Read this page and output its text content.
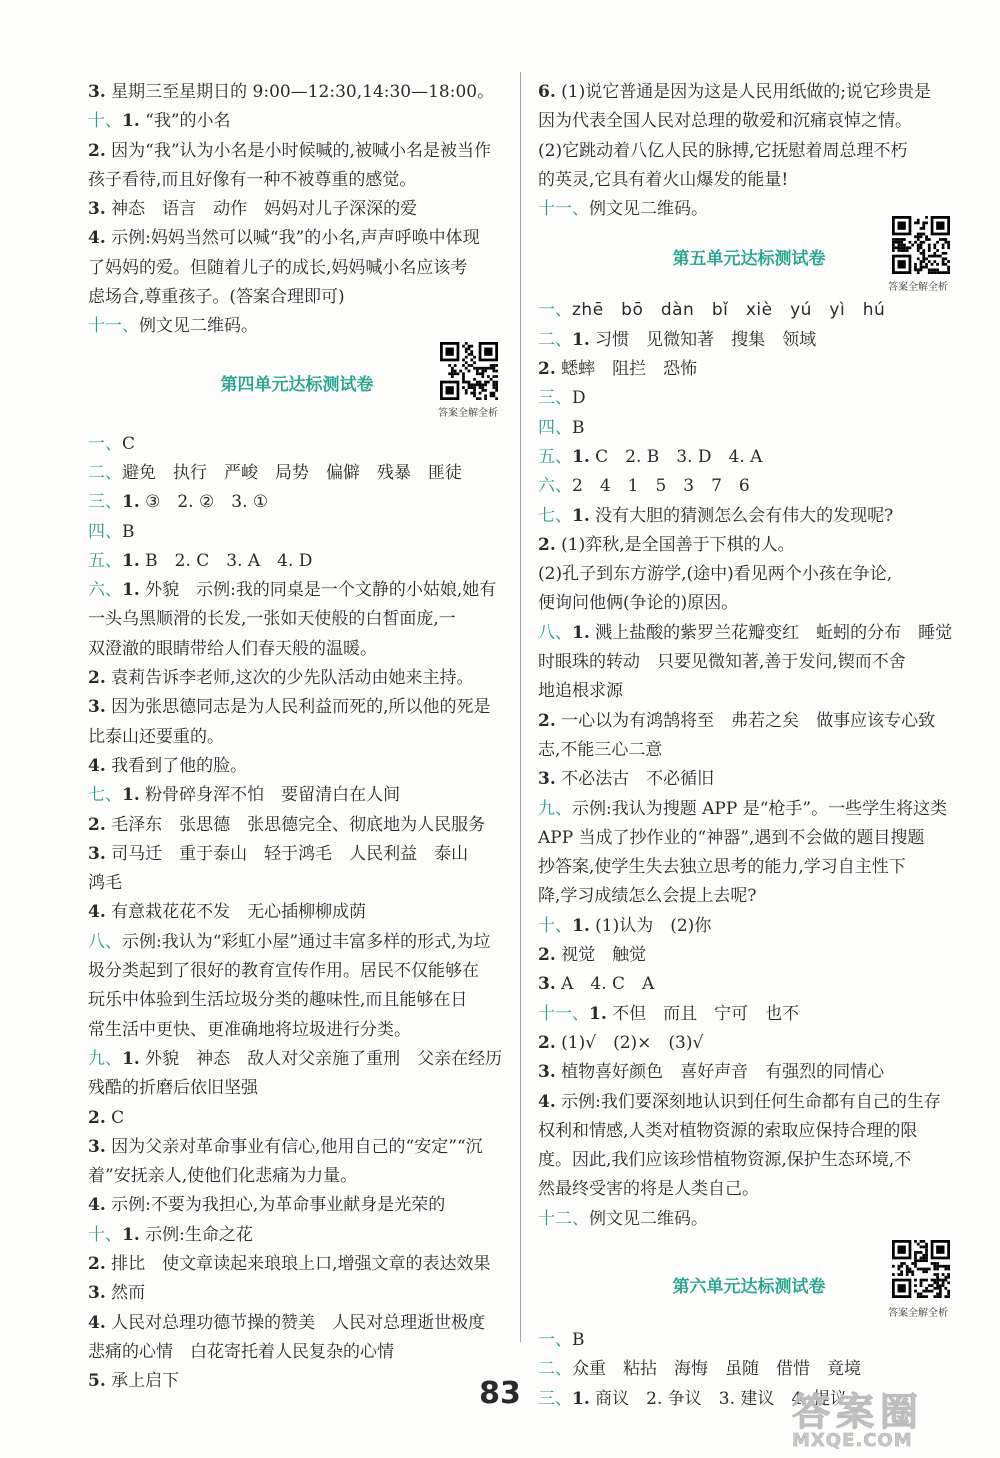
3. 星期三至星期日的 9:00—12:30,14:30—18:00。
十、1. “我”的小名
2. 因为“我”认为小名是小时候喊的,被喊小名是被当作
孩子看待,而且好像有一种不被尊重的感觉。
3. 神态　语言　动作　妈妈对儿子深深的爱
4. 示例:妈妈当然可以喊“我”的小名,声声呼唤中体现
了妈妈的爱。但随着儿子的成长,妈妈喊小名应该考
虑场合,尊重孩子。(答案合理即可)
十一、例文见二维码。
第四单元达标测试卷
答案全解全析
一、C
二、避免　执行　严峻　局势　偏僻　残暴　匪徒
三、1. ③　2. ②　3. ①
四、B
五、1. B　2. C　3. A　4. D
六、1. 外貌　示例:我的同桌是一个文静的小姑娘,她有
一头乌黑顺滑的长发,一张如天使般的白皙面庞,一
双澄澈的眼睛带给人们春天般的温暖。
2. 袁莉告诉李老师,这次的少先队活动由她来主持。
3. 因为张思德同志是为人民利益而死的,所以他的死是
比泰山还要重的。
4. 我看到了他的脸。
七、1. 粉骨碎身浑不怕　要留清白在人间
2. 毛泽东　张思德　张思德完全、彻底地为人民服务
3. 司马迁　重于泰山　轻于鸿毛　人民利益　泰山
鸿毛
4. 有意栽花花不发　无心插柳柳成荫
八、示例:我认为“彩虹小屋”通过丰富多样的形式,为垃
圾分类起到了很好的教育宣传作用。居民不仅能够在
玩乐中体验到生活垃圾分类的趣味性,而且能够在日
常生活中更快、更准确地将垃圾进行分类。
九、1. 外貌　神态　敌人对父亲施了重刑　父亲在经历
残酷的折磨后依旧坚强
2. C
3. 因为父亲对革命事业有信心,他用自己的“安定”“沉
着”安抚亲人,使他们化悲痛为力量。
4. 示例:不要为我担心,为革命事业献身是光荣的
十、1. 示例:生命之花
2. 排比　使文章读起来琅琅上口,增强文章的表达效果
3. 然而
4. 人民对总理功德节操的赞美　人民对总理逝世极度
悲痛的心情　白花寄托着人民复杂的心情
5. 承上启下
6. (1)说它普通是因为这是人民用纸做的;说它珍贵是
因为代表全国人民对总理的敬爱和沉痛哀悼之情。
(2)它跳动着八亿人民的脉搏,它抚慰着周总理不朽
的英灵,它具有着火山爆发的能量!
十一、例文见二维码。
第五单元达标测试卷
答案全解全析
一、zhē　bō　dàn　bǐ　xiè　yú　yì　hú
二、1. 习惯　见微知著　搜集　领域
2. 蟋蟀　阻拦　恐怖
三、D
四、B
五、1. C　2. B　3. D　4. A
六、2　4　1　5　3　7　6
七、1. 没有大胆的猜测怎么会有伟大的发现呢?
2. (1)弈秋,是全国善于下棋的人。
(2)孔子到东方游学,(途中)看见两个小孩在争论,
便询问他俩(争论的)原因。
八、1. 溅上盐酸的紫罗兰花瓣变红　蚯蚓的分布　睡觉
时眼珠的转动　只要见微知著,善于发问,锲而不舍
地追根求源
2. 一心以为有鸿鹄将至　弗若之矣　做事应该专心致
志,不能三心二意
3. 不必法古　不必循旧
九、示例:我认为搜题 APP 是“枪手”。一些学生将这类
APP 当成了抄作业的“神器”,遇到不会做的题目搜题
抄答案,使学生失去独立思考的能力,学习自主性下
降,学习成绩怎么会提上去呢?
十、1. (1)认为　(2)你
2. 视觉　触觉
3. A　4. C　A
十一、1. 不但　而且　宁可　也不
2. (1)√　(2)×　(3)√
3. 植物喜好颜色　喜好声音　有强烈的同情心
4. 示例:我们要深刻地认识到任何生命都有自己的生存
权利和情感,人类对植物资源的索取应保持合理的限
度。因此,我们应该珍惜植物资源,保护生态环境,不
然最终受害的将是人类自己。
十二、例文见二维码。
第六单元达标测试卷
答案全解全析
一、B
二、众重　粘拈　海悔　虽随　借惜　竟境
三、1. 商议　2. 争议　3. 建议　4. 提议
83	答案圈
MXQE.COM
